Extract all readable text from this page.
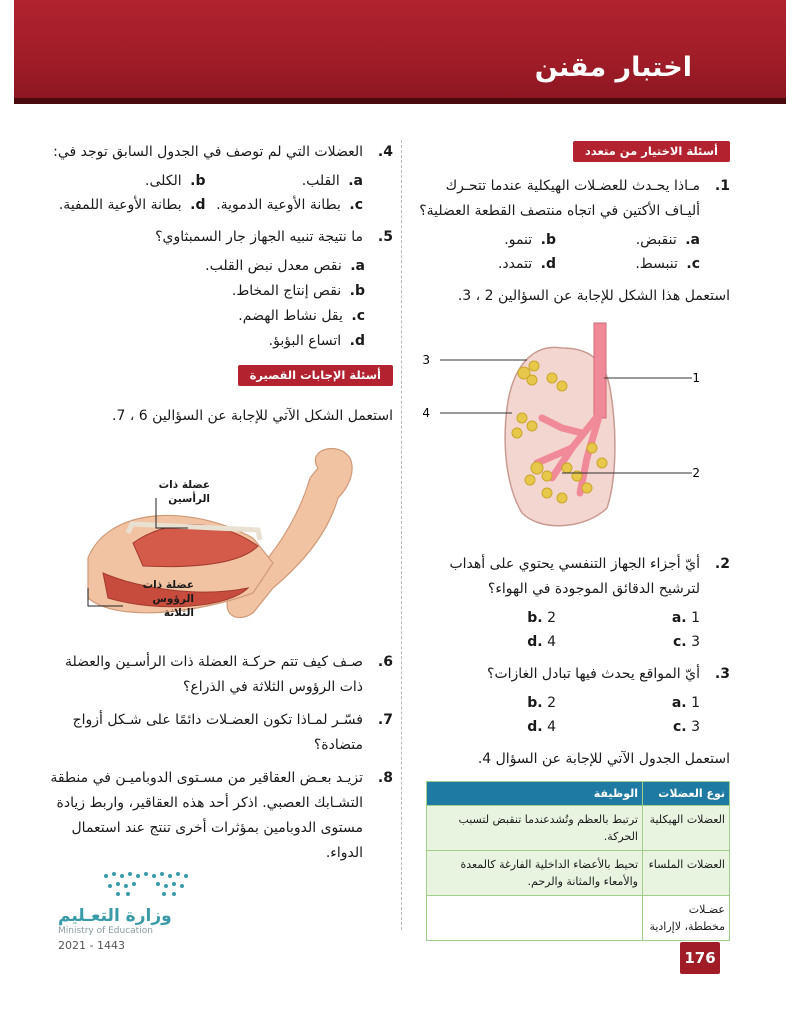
اختبار مقنن
أسئلة الاختيار من متعدد
1.
مـاذا يحـدث للعضـلات الهيكلية عندما تتحـرك أليـاف الأكتين في اتجاه منتصف القطعة العضلية؟
a. تنقبض.
b. تنمو.
c. تنبسط.
d. تتمدد.
استعمل هذا الشكل للإجابة عن السؤالين 2 ، 3.
3
4
1
2
2.
أيّ أجزاء الجهاز التنفسي يحتوي على أهداب لترشيح الدقائق الموجودة في الهواء؟
1 .a
2 .b
3 .c
4 .d
3.
أيّ المواقع يحدث فيها تبادل الغازات؟
1 .a
2 .b
3 .c
4 .d
استعمل الجدول الآتي للإجابة عن السؤال 4.
نوع العضلات	الوظيفة
العضلات الهيكلية	ترتبط بالعظم وتُشدعندما تنقبض لتسبب الحركة.
العضلات الملساء	تحيط بالأعضاء الداخلية الفارغة كالمعدة والأمعاء والمثانة والرحم.
عضـلات مخططة، لاإرادية	
4.
العضلات التي لم توصف في الجدول السابق توجد في:
a. القلب.
b. الكلى.
c. بطانة الأوعية الدموية.
d. بطانة الأوعية اللمفية.
5.
ما نتيجة تنبيه الجهاز جار السمبثاوي؟
a. نقص معدل نبض القلب.
b. نقص إنتاج المخاط.
c. يقل نشاط الهضم.
d. اتساع البؤبؤ.
أسئلة الإجابات القصيرة
استعمل الشكل الآتي للإجابة عن السؤالين 6 ، 7.
عضلة ذات الرأسين
عضلة ذات الرؤوس الثلاثة
6.
صـف كيف تتم حركـة العضلة ذات الرأسـين والعضلة ذات الرؤوس الثلاثة في الذراع؟
7.
فسّـر لمـاذا تكون العضـلات دائمًا على شـكل أزواج متضادة؟
8.
تزيـد بعـض العقاقير من مسـتوى الدوباميـن في منطقة التشـابك العصبي. اذكر أحد هذه العقاقير، واربط زيادة مستوى الدوبامين بمؤثرات أخرى تنتج عند استعمال الدواء.
وزارة التعـليم
Ministry of Education
2021 - 1443
176
